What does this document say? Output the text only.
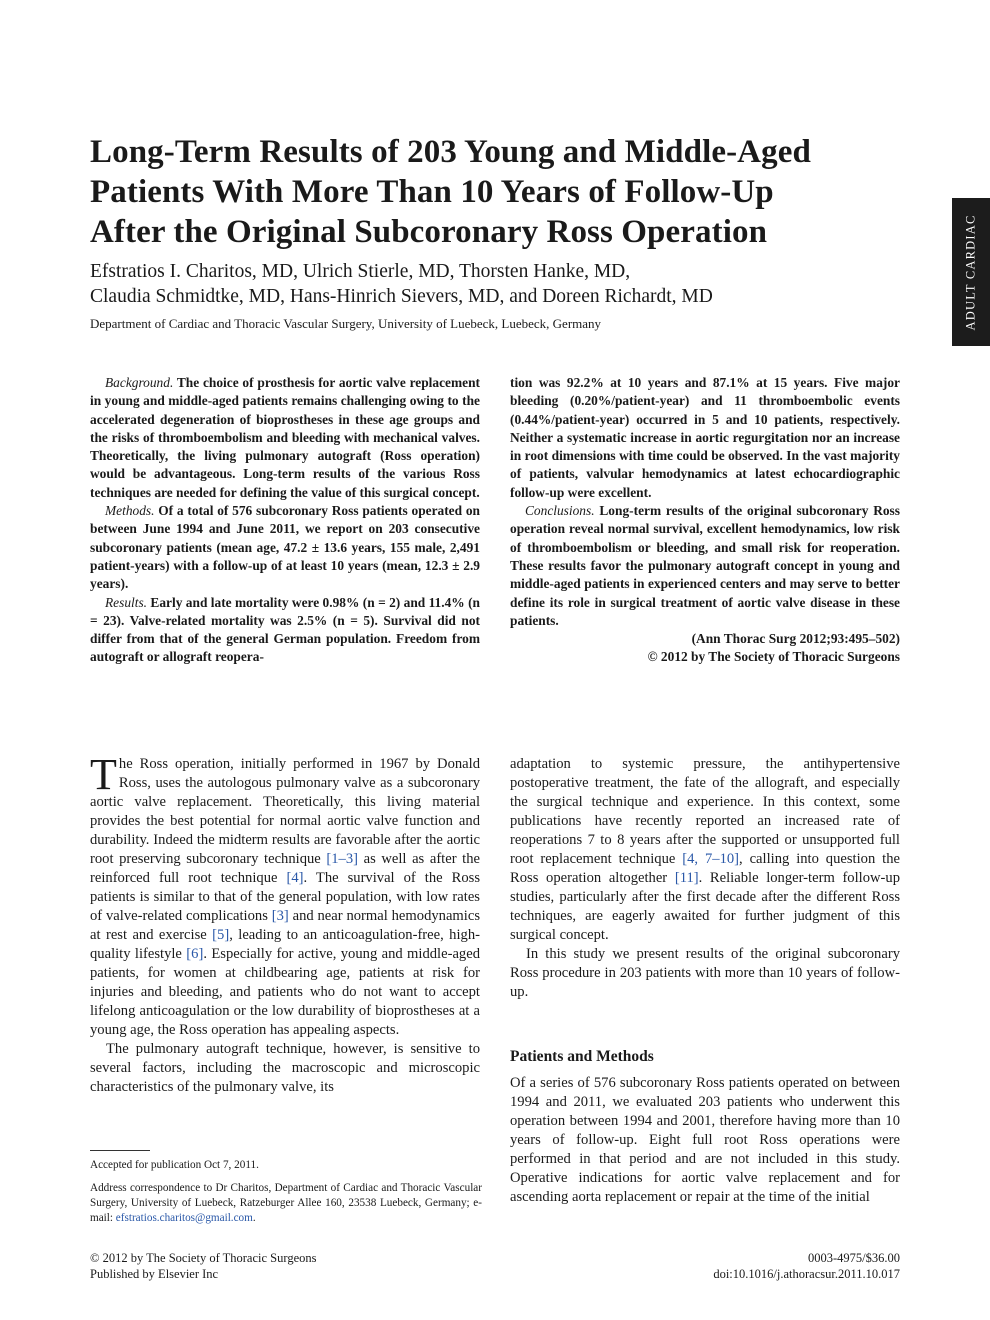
ADULT CARDIAC
Long-Term Results of 203 Young and Middle-Aged
Patients With More Than 10 Years of Follow-Up
After the Original Subcoronary Ross Operation
Efstratios I. Charitos, MD, Ulrich Stierle, MD, Thorsten Hanke, MD,
Claudia Schmidtke, MD, Hans-Hinrich Sievers, MD, and Doreen Richardt, MD
Department of Cardiac and Thoracic Vascular Surgery, University of Luebeck, Luebeck, Germany

Background. The choice of prosthesis for aortic valve replacement in young and middle-aged patients remains challenging owing to the accelerated degeneration of bioprostheses in these age groups and the risks of thromboembolism and bleeding with mechanical valves. Theoretically, the living pulmonary autograft (Ross operation) would be advantageous. Long-term results of the various Ross techniques are needed for defining the value of this surgical concept.

Methods. Of a total of 576 subcoronary Ross patients operated on between June 1994 and June 2011, we report on 203 consecutive subcoronary patients (mean age, 47.2 ± 13.6 years, 155 male, 2,491 patient-years) with a follow-up of at least 10 years (mean, 12.3 ± 2.9 years).

Results. Early and late mortality were 0.98% (n = 2) and 11.4% (n = 23). Valve-related mortality was 2.5% (n = 5). Survival did not differ from that of the general German population. Freedom from autograft or allograft reopera-

tion was 92.2% at 10 years and 87.1% at 15 years. Five major bleeding (0.20%/patient-year) and 11 thromboembolic events (0.44%/patient-year) occurred in 5 and 10 patients, respectively. Neither a systematic increase in aortic regurgitation nor an increase in root dimensions with time could be observed. In the vast majority of patients, valvular hemodynamics at latest echocardiographic follow-up were excellent.

Conclusions. Long-term results of the original subcoronary Ross operation reveal normal survival, excellent hemodynamics, low risk of thromboembolism or bleeding, and small risk for reoperation. These results favor the pulmonary autograft concept in young and middle-aged patients in experienced centers and may serve to better define its role in surgical treatment of aortic valve disease in these patients.

(Ann Thorac Surg 2012;93:495–502)
© 2012 by The Society of Thoracic Surgeons

The Ross operation, initially performed in 1967 by Donald Ross, uses the autologous pulmonary valve as a subcoronary aortic valve replacement. Theoretically, this living material provides the best potential for normal aortic valve function and durability. Indeed the midterm results are favorable after the aortic root preserving subcoronary technique [1–3] as well as after the reinforced full root technique [4]. The survival of the Ross patients is similar to that of the general population, with low rates of valve-related complications [3] and near normal hemodynamics at rest and exercise [5], leading to an anticoagulation-free, high-quality lifestyle [6]. Especially for active, young and middle-aged patients, for women at childbearing age, patients at risk for injuries and bleeding, and patients who do not want to accept lifelong anticoagulation or the low durability of bioprostheses at a young age, the Ross operation has appealing aspects.

The pulmonary autograft technique, however, is sensitive to several factors, including the macroscopic and microscopic characteristics of the pulmonary valve, its

adaptation to systemic pressure, the antihypertensive postoperative treatment, the fate of the allograft, and especially the surgical technique and experience. In this context, some publications have recently reported an increased rate of reoperations 7 to 8 years after the supported or unsupported full root replacement technique [4, 7–10], calling into question the Ross operation altogether [11]. Reliable longer-term follow-up studies, particularly after the first decade after the different Ross techniques, are eagerly awaited for further judgment of this surgical concept.

In this study we present results of the original subcoronary Ross procedure in 203 patients with more than 10 years of follow-up.

Patients and Methods

Of a series of 576 subcoronary Ross patients operated on between 1994 and 2011, we evaluated 203 patients who underwent this operation between 1994 and 2001, therefore having more than 10 years of follow-up. Eight full root Ross operations were performed in that period and are not included in this study. Operative indications for aortic valve replacement and for ascending aorta replacement or repair at the time of the initial

Accepted for publication Oct 7, 2011.
Address correspondence to Dr Charitos, Department of Cardiac and Thoracic Vascular Surgery, University of Luebeck, Ratzeburger Allee 160, 23538 Luebeck, Germany; e-mail: efstratios.charitos@gmail.com.
© 2012 by The Society of Thoracic Surgeons
Published by Elsevier Inc
0003-4975/$36.00
doi:10.1016/j.athoracsur.2011.10.017
